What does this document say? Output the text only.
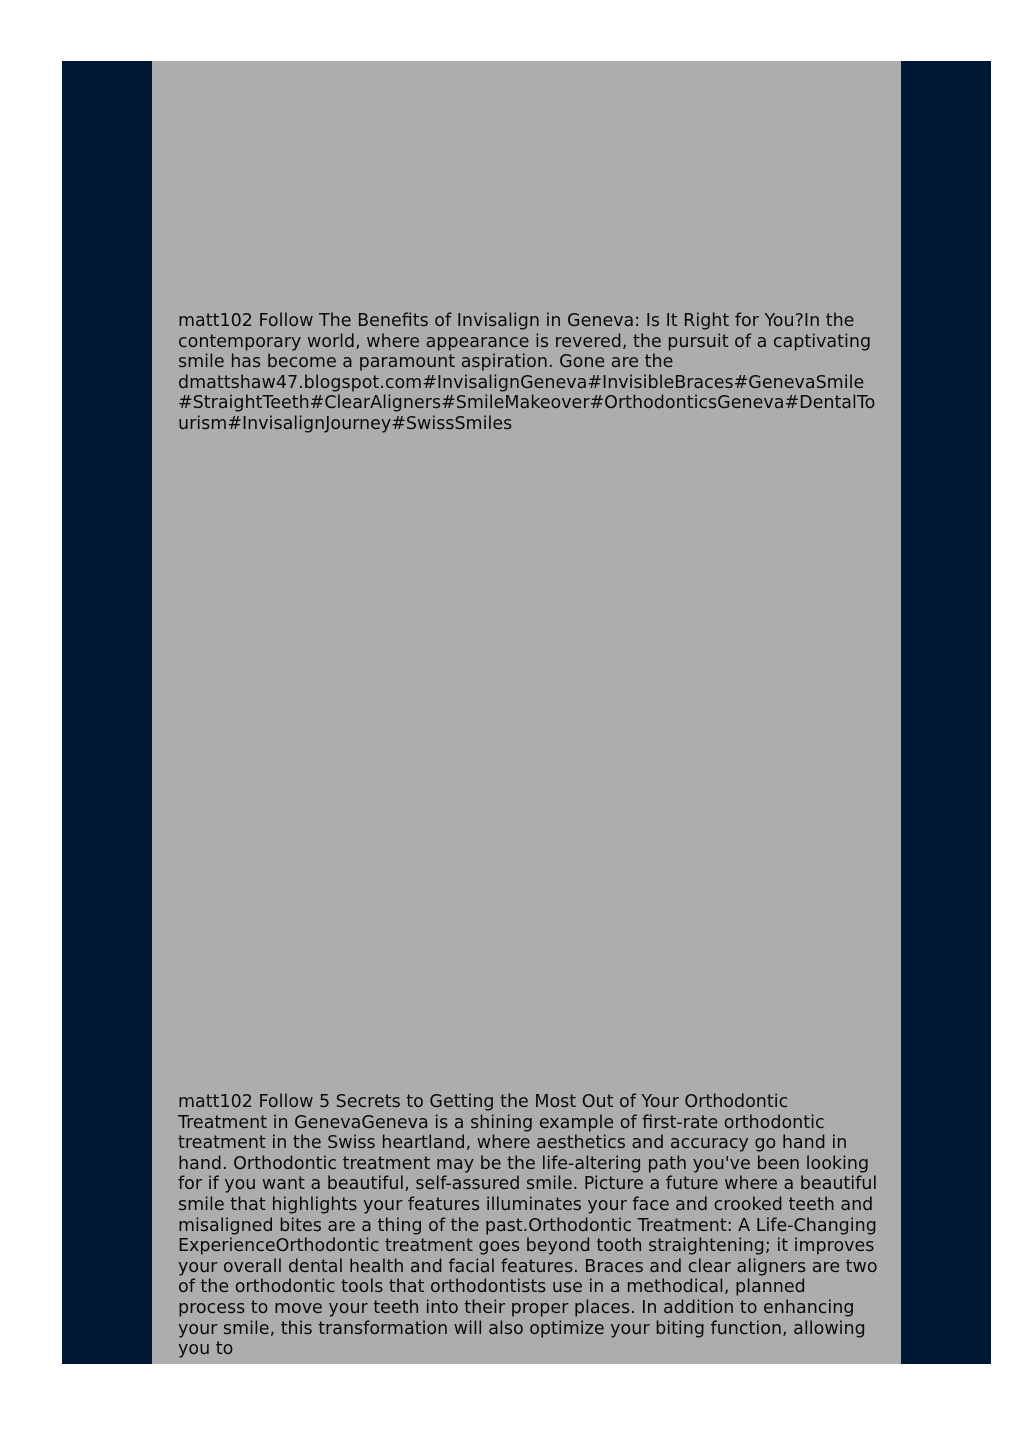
matt102 Follow The Benefits of Invisalign in Geneva: Is It Right for You?In the contemporary world, where appearance is revered, the pursuit of a captivating smile has become a paramount aspiration. Gone are the dmattshaw47.blogspot.com#InvisalignGeneva#InvisibleBraces#GenevaSmile#StraightTeeth#ClearAligners#SmileMakeover#OrthodonticsGeneva#DentalTourism#InvisalignJourney#SwissSmiles
matt102 Follow 5 Secrets to Getting the Most Out of Your Orthodontic Treatment in GenevaGeneva is a shining example of first-rate orthodontic treatment in the Swiss heartland, where aesthetics and accuracy go hand in hand. Orthodontic treatment may be the life-altering path you've been looking for if you want a beautiful, self-assured smile. Picture a future where a beautiful smile that highlights your features illuminates your face and crooked teeth and misaligned bites are a thing of the past.Orthodontic Treatment: A Life-Changing ExperienceOrthodontic treatment goes beyond tooth straightening; it improves your overall dental health and facial features. Braces and clear aligners are two of the orthodontic tools that orthodontists use in a methodical, planned process to move your teeth into their proper places. In addition to enhancing your smile, this transformation will also optimize your biting function, allowing you to
